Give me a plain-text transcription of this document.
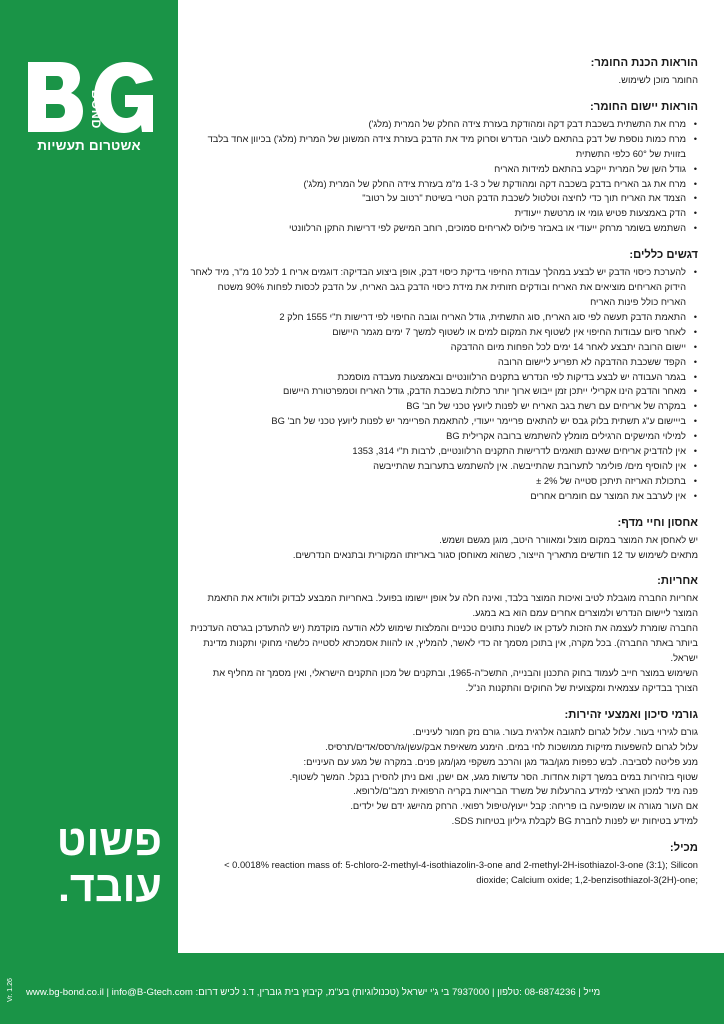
BOND
אשטרום תעשיות
פשוט
עובד.
הוראות הכנת החומר:

החומר מוכן לשימוש.

הוראות יישום החומר:
• מרח את התשתית בשכבת דבק דקה ומהודקת בעזרת צידה החלק של המרית (מלג')
• מרח כמות נוספת של דבק בהתאם לעובי הנדרש וסרוק מיד את הדבק בעזרת צידה המשונן של המרית (מלג') בכיוון אחד בלבד בזווית של 60° כלפי התשתית
• גודל השן של המרית ייקבע בהתאם למידות האריח
• מרח את גב האריח בדבק בשכבה דקה ומהודקת של כ 1-3 מ"מ בעזרת צידה החלק של המרית (מלג')
• הצמד את האריח תוך כדי לחיצה וטלטול לשכבת הדבק הטרי בשיטת "רטוב על רטוב"
• הדק באמצעות פטיש גומי או מרטשת ייעודית
• השתמש בשומר מרחק ייעודי או באבזר פילוס לאריחים סמוכים, רוחב המישק לפי דרישות התקן הרלוונטי
דגשים כללים:
• להערכת כיסוי הדבק יש לבצע במהלך עבודת החיפוי בדיקת כיסוי דבק, אופן ביצוע הבדיקה: דוגמים אריח 1 לכל 10 מ"ר, מיד לאחר הידוק האריחים מוציאים את האריח ובודקים חזותית את מידת כיסוי הדבק בגב האריח, על הדבק לכסות לפחות 90% משטח האריח כולל פינות האריח
• התאמת הדבק תעשה לפי סוג האריח, סוג התשתית, גודל האריח וגובה החיפוי לפי דרישות ת"י 1555 חלק 2
• לאחר סיום עבודות החיפוי אין לשטוף את המקום למים או לשטוף למשך 7 ימים מגמר היישום
• יישום הרובה יתבצע לאחר 14 ימים לכל הפחות מיום ההדבקה
• הקפד ששכבת ההדבקה לא תפריע ליישום הרובה
• בגמר העבודה יש לבצע בדיקות לפי הנדרש בתקנים הרלוונטיים ובאמצעות מעבדה מוסמכת
• מאחר והדבק הינו אקרילי ייתכן זמן ייבוש ארוך יותר כתלות בשכבת הדבק, גודל האריח וטמפרטורת היישום
• במקרה של אריחים עם רשת בגב האריח יש לפנות ליועץ טכני של חב' BG
• בייישום ע"ג תשתית בלוק גבס יש להתאים פריימר ייעודי, להתאמת הפריימר יש לפנות ליועץ טכני של חב' BG
• למילוי המישקים הרגילים מומלץ להשתמש ברובה אקרילית BG
• אין להדביק אריחים שאינם תואמים לדרישות התקנים הרלוונטיים, לרבות ת"י 314, 1353
• אין להוסיף מים/ פולימר לתערובת שהתייבשה. אין להשתמש בתערובת שהתייבשה
• בתכולת האריזה תיתכן סטייה של 2% ±
• אין לערבב את המוצר עם חומרים אחרים
אחסון וחיי מדף:

יש לאחסן את המוצר במקום מוצל ומאוורר היטב, מוגן מגשם ושמש.

מתאים לשימוש עד 12 חודשים מתאריך הייצור, כשהוא מאוחסן סגור באריזתו המקורית ובתנאים הנדרשים.

אחריות:

אחריות החברה מוגבלת לטיב ואיכות המוצר בלבד, ואינה חלה על אופן יישומו בפועל. באחריות המבצע לבדוק ולוודא את התאמת המוצר ליישום הנדרש ולמוצרים אחרים עמם הוא בא במגע.

החברה שומרת לעצמה את הזכות לעדכן או לשנות נתונים טכניים והמלצות שימוש ללא הודעה מוקדמת (יש להתעדכן בגרסה העדכנית ביותר באתר החברה). בכל מקרה, אין בתוכן מסמך זה כדי לאשר, להמליץ, או להוות אסמכתא לסטייה כלשהי מחוקי ותקנות מדינת ישראל.

השימוש במוצר חייב לעמוד בחוק התכנון והבנייה, התשכ"ה-1965, ובתקנים של מכון התקנים הישראלי, ואין מסמך זה מחליף את הצורך בבדיקה עצמאית ומקצועית של החוקים והתקנות הנ"ל.

גורמי סיכון ואמצעי זהירות:

גורם לגירוי בעור. עלול לגרום לתגובה אלרגית בעור. גורם נזק חמור לעיניים.

עלול לגרום להשפעות מזיקות ממושכות לחי במים. הימנע משאיפת אבק/עשן/גז/רסס/אדים/תרסיס.

מנע פליטה לסביבה. לבש כפפות מגן/בגד מגן והרכב משקפי מגן/מגן פנים. במקרה של מגע עם העיניים:

שטוף בזהירות במים במשך דקות אחדות. הסר עדשות מגע, אם ישנן, ואם ניתן להסירן בנקל. המשך לשטוף.

פנה מיד למכון הארצי למידע בהרעלות של משרד הבריאות בקריה הרפואית רמב"ם/לרופא.

אם העור מגורה או שמופיעה בו פריחה: קבל ייעוץ/טיפול רפואי. הרחק מהישג ידם של ילדים.

למידע בטיחות יש לפנות לחברת BG לקבלת גיליון בטיחות SDS.

מכיל:

< 0.0018% reaction mass of: 5-chloro-2-methyl-4-isothiazolin-3-one and 2-methyl-2H-isothiazol-3-one (3:1); Silicon dioxide; Calcium oxide; 1,2-benzisothiazol-3(2H)-one;

Vr. 1.26	www.bg-bond.co.il | info@B-Gtech.com :מייל | 08-6874236 :טלפון | 7937000 בי ג'י ישראל (טכנולוגיות) בע"מ, קיבוץ בית גוברין, ד.נ לכיש דרום
